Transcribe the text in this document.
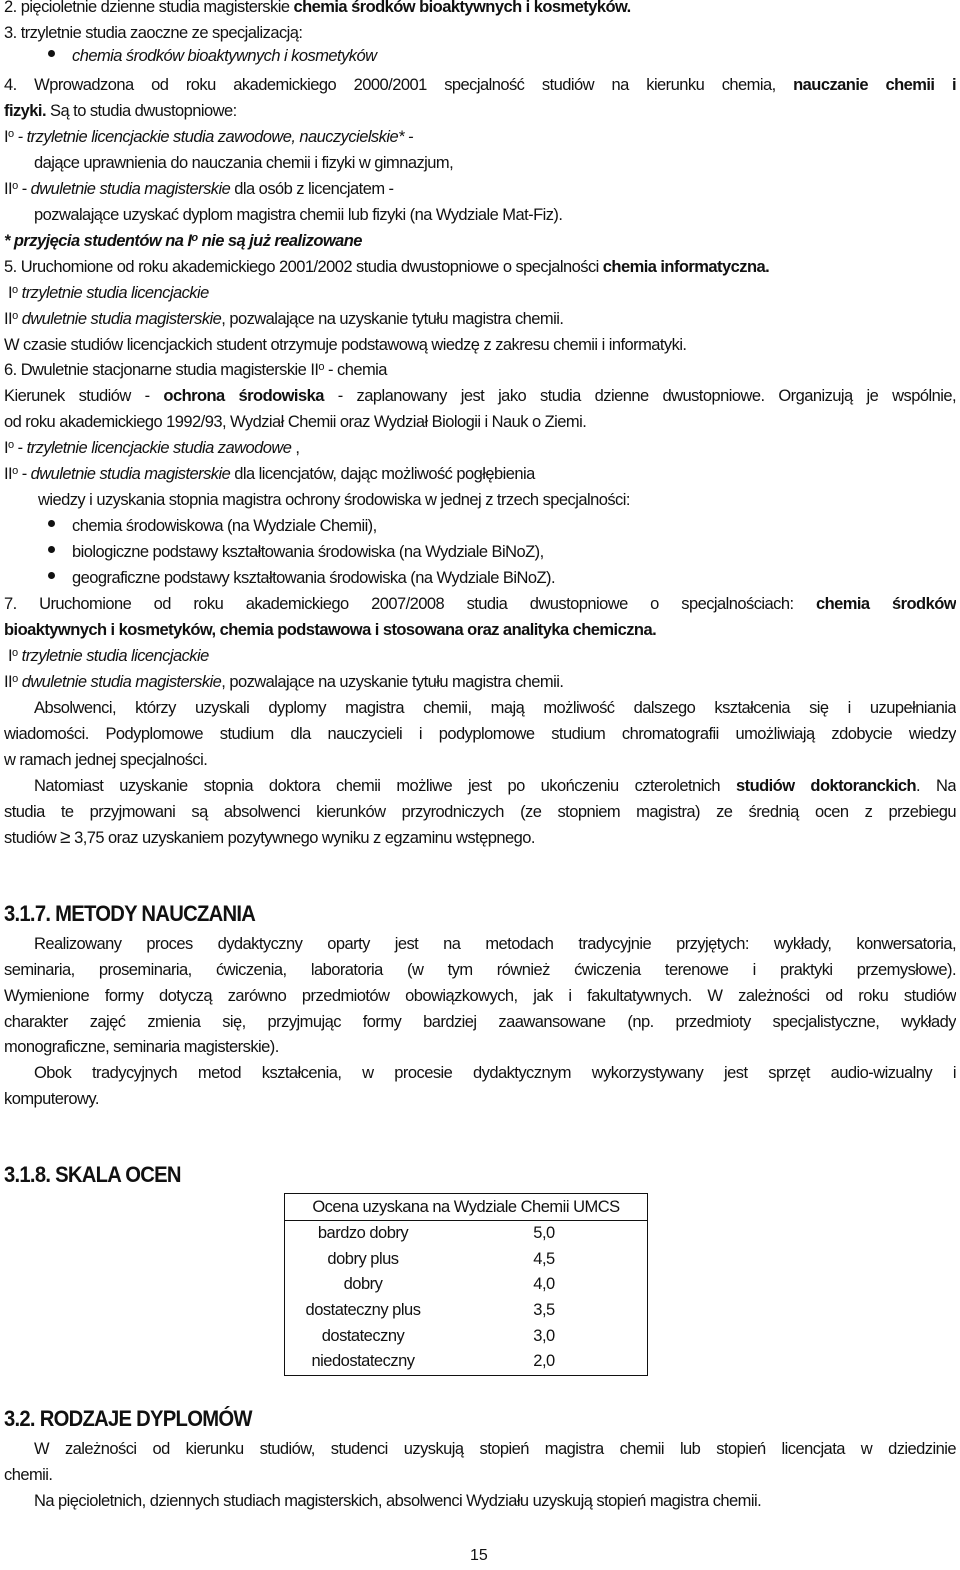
2. pięcioletnie dzienne studia magisterskie chemia środków bioaktywnych i kosmetyków.
3. trzyletnie studia zaoczne ze specjalizacją:
chemia środków bioaktywnych i kosmetyków
4. Wprowadzona od roku akademickiego 2000/2001 specjalność studiów na kierunku chemia, nauczanie chemii i
fizyki. Są to studia dwustopniowe:
$I^o$ - trzyletnie licencjackie studia zawodowe, nauczycielskie* -
dające uprawnienia do nauczania chemii i fizyki w gimnazjum,
$II^o$ - dwuletnie studia magisterskie dla osób z licencjatem -
pozwalające uzyskać dyplom magistra chemii lub fizyki (na Wydziale Mat-Fiz).
* przyjęcia studentów na $I^o$ nie są już realizowane
5. Uruchomione od roku akademickiego 2001/2002 studia dwustopniowe o specjalności chemia informatyczna.
$I^o$ trzyletnie studia licencjackie
$II^o$ dwuletnie studia magisterskie, pozwalające na uzyskanie tytułu magistra chemii.
W czasie studiów licencjackich student otrzymuje podstawową wiedzę z zakresu chemii i informatyki.
6. Dwuletnie stacjonarne studia magisterskie $II^o$ - chemia
Kierunek studiów - ochrona środowiska - zaplanowany jest jako studia dzienne dwustopniowe. Organizują je wspólnie,
od roku akademickiego 1992/93, Wydział Chemii oraz Wydział Biologii i Nauk o Ziemi.
$I^o$ - trzyletnie licencjackie studia zawodowe ,
$II^o$ - dwuletnie studia magisterskie dla licencjatów, dając możliwość pogłębienia
wiedzy i uzyskania stopnia magistra ochrony środowiska w jednej z trzech specjalności:
chemia środowiskowa (na Wydziale Chemii),
biologiczne podstawy kształtowania środowiska (na Wydziale BiNoZ),
geograficzne podstawy kształtowania środowiska (na Wydziale BiNoZ).
7. Uruchomione od roku akademickiego 2007/2008 studia dwustopniowe o specjalnościach: chemia środków
bioaktywnych i kosmetyków, chemia podstawowa i stosowana oraz analityka chemiczna.
$I^o$ trzyletnie studia licencjackie
$II^o$ dwuletnie studia magisterskie, pozwalające na uzyskanie tytułu magistra chemii.
Absolwenci, którzy uzyskali dyplomy magistra chemii, mają możliwość dalszego kształcenia się i uzupełniania
wiadomości. Podyplomowe studium dla nauczycieli i podyplomowe studium chromatografii umożliwiają zdobycie wiedzy
w ramach jednej specjalności.
Natomiast uzyskanie stopnia doktora chemii możliwe jest po ukończeniu czteroletnich studiów doktoranckich. Na
studia te przyjmowani są absolwenci kierunków przyrodniczych (ze stopniem magistra) ze średnią ocen z przebiegu
studiów ≥ 3,75 oraz uzyskaniem pozytywnego wyniku z egzaminu wstępnego.
3.1.7. METODY NAUCZANIA
Realizowany proces dydaktyczny oparty jest na metodach tradycyjnie przyjętych: wykłady, konwersatoria,
seminaria, proseminaria, ćwiczenia, laboratoria (w tym również ćwiczenia terenowe i praktyki przemysłowe).
Wymienione formy dotyczą zarówno przedmiotów obowiązkowych, jak i fakultatywnych. W zależności od roku studiów
charakter zajęć zmienia się, przyjmując formy bardziej zaawansowane (np. przedmioty specjalistyczne, wykłady
monograficzne, seminaria magisterskie).
Obok tradycyjnych metod kształcenia, w procesie dydaktycznym wykorzystywany jest sprzęt audio-wizualny i
komputerowy.
3.1.8. SKALA OCEN
Ocena uzyskana na Wydziale Chemii UMCS	
bardzo dobry	5,0
dobry plus	4,5
dobry	4,0
dostateczny plus	3,5
dostateczny	3,0
niedostateczny	2,0
3.2. RODZAJE DYPLOMÓW
W zależności od kierunku studiów, studenci uzyskują stopień magistra chemii lub stopień licencjata w dziedzinie
chemii.
Na pięcioletnich, dziennych studiach magisterskich, absolwenci Wydziału uzyskują stopień magistra chemii.
15
